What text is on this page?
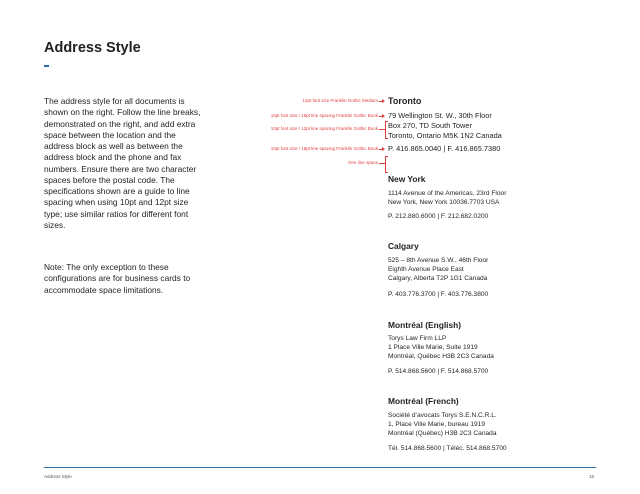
Address Style
The address style for all documents is shown on the right. Follow the line breaks, demonstrated on the right, and add extra space between the location and the address block as well as between the address block and the phone and fax numbers. Ensure there are two character spaces before the postal code. The specifications shown are a guide to line spacing when using 10pt and 12pt size type; use similar ratios for different font sizes.
Note: The only exception to these configurations are for business cards to accommodate space limitations.
12pt font size Franklin Gothic Medium
10pt font size / 18pt line spacing Franklin Gothic Book
10pt font size / 12pt line spacing Franklin Gothic Book
10pt font size / 18pt line spacing Franklin Gothic Book
One line space
Toronto
79 Wellington St. W., 30th Floor
Box 270, TD South Tower
Toronto, Ontario M5K 1N2 Canada
P. 416.865.0040 | F. 416.865.7380
New York
1114 Avenue of the Americas, 23rd Floor
New York, New York 10036.7703 USA
P. 212.880.6000 | F. 212.682.0200
Calgary
525 – 8th Avenue S.W., 46th Floor
Eighth Avenue Place East
Calgary, Alberta T2P 1G1 Canada
P. 403.776.3700 | F. 403.776.3800
Montréal (English)
Torys Law Firm LLP
1 Place Ville Marie, Suite 1919
Montréal, Québec H3B 2C3 Canada
P. 514.868.5600 | F. 514.868.5700
Montréal (French)
Société d’avocats Torys S.E.N.C.R.L.
1, Place Ville Marie, bureau 1919
Montréal (Québec) H3B 2C3 Canada
Tél. 514.868.5600 | Téléc. 514.868.5700
Address Style	15
